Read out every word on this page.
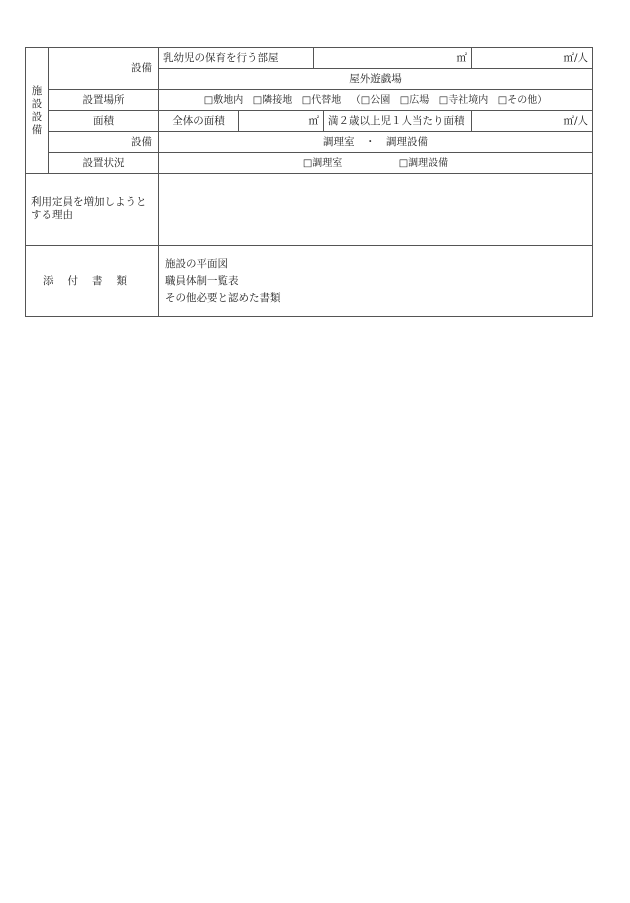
施
設
設
備	設備	乳幼児の保育を行う部屋		㎡		㎡/人
		屋外遊戯場				
	設置場所	□敷地内 □隣接地 □代替地 （□公園 □広場 □寺社境内 □その他）				
	面積	全体の面積	㎡		満２歳以上児１人当たり面積	㎡/人
	設備	調理室　・　調理設備				
	設置状況	□調理室 □調理設備				
利用定員を増加しようとする理由						
添付書類		施設の平面図
職員体制一覧表
その他必要と認めた書類				
